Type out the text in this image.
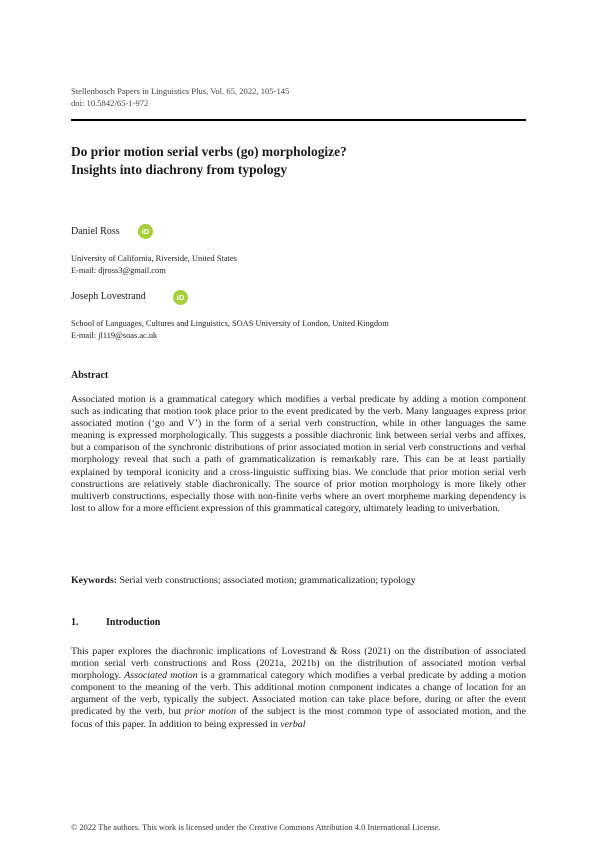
Stellenbosch Papers in Linguistics Plus, Vol. 65, 2022, 105-145
doi: 10.5842/65-1-972
Do prior motion serial verbs (go) morphologize?
Insights into diachrony from typology
Daniel Ross	iD
University of California, Riverside, United States
E-mail: djross3@gmail.com
Joseph Lovestrand	iD
School of Languages, Cultures and Linguistics, SOAS University of London, United Kingdom
E-mail: jl119@soas.ac.uk
Abstract
Associated motion is a grammatical category which modifies a verbal predicate by adding a motion component such as indicating that motion took place prior to the event predicated by the verb. Many languages express prior associated motion (‘go and V’) in the form of a serial verb construction, while in other languages the same meaning is expressed morphologically. This suggests a possible diachronic link between serial verbs and affixes, but a comparison of the synchronic distributions of prior associated motion in serial verb constructions and verbal morphology reveal that such a path of grammaticalization is remarkably rare. This can be at least partially explained by temporal iconicity and a cross-linguistic suffixing bias. We conclude that prior motion serial verb constructions are relatively stable diachronically. The source of prior motion morphology is more likely other multiverb constructions, especially those with non-finite verbs where an overt morpheme marking dependency is lost to allow for a more efficient expression of this grammatical category, ultimately leading to univerbation.
Keywords: Serial verb constructions; associated motion; grammaticalization; typology
1.	Introduction
This paper explores the diachronic implications of Lovestrand & Ross (2021) on the distribution of associated motion serial verb constructions and Ross (2021a, 2021b) on the distribution of associated motion verbal morphology. Associated motion is a grammatical category which modifies a verbal predicate by adding a motion component to the meaning of the verb. This additional motion component indicates a change of location for an argument of the verb, typically the subject. Associated motion can take place before, during or after the event predicated by the verb, but prior motion of the subject is the most common type of associated motion, and the focus of this paper. In addition to being expressed in verbal
© 2022 The authors. This work is licensed under the Creative Commons Attribution 4.0 International License.
